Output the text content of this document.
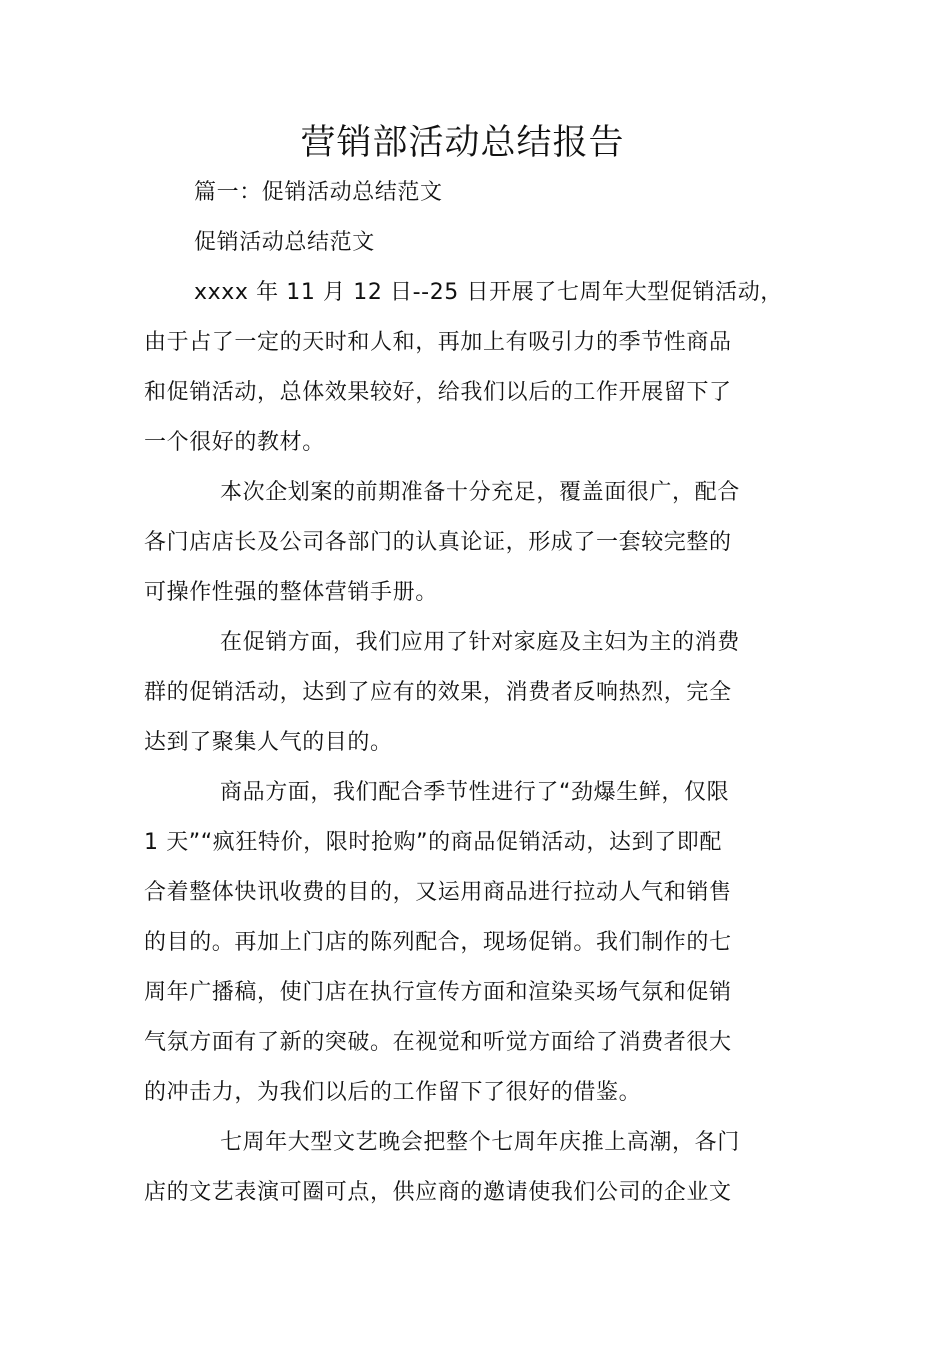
营销部活动总结报告
篇一：促销活动总结范文
促销活动总结范文
xxxx 年 11 月 12 日--25 日开展了七周年大型促销活动，
由于占了一定的天时和人和，再加上有吸引力的季节性商品
和促销活动，总体效果较好，给我们以后的工作开展留下了
一个很好的教材。
本次企划案的前期准备十分充足，覆盖面很广，配合
各门店店长及公司各部门的认真论证，形成了一套较完整的
可操作性强的整体营销手册。
在促销方面，我们应用了针对家庭及主妇为主的消费
群的促销活动，达到了应有的效果，消费者反响热烈，完全
达到了聚集人气的目的。
商品方面，我们配合季节性进行了“劲爆生鲜，仅限
1 天”“疯狂特价，限时抢购”的商品促销活动，达到了即配
合着整体快讯收费的目的，又运用商品进行拉动人气和销售
的目的。再加上门店的陈列配合，现场促销。我们制作的七
周年广播稿，使门店在执行宣传方面和渲染买场气氛和促销
气氛方面有了新的突破。在视觉和听觉方面给了消费者很大
的冲击力，为我们以后的工作留下了很好的借鉴。
七周年大型文艺晚会把整个七周年庆推上高潮，各门
店的文艺表演可圈可点，供应商的邀请使我们公司的企业文
